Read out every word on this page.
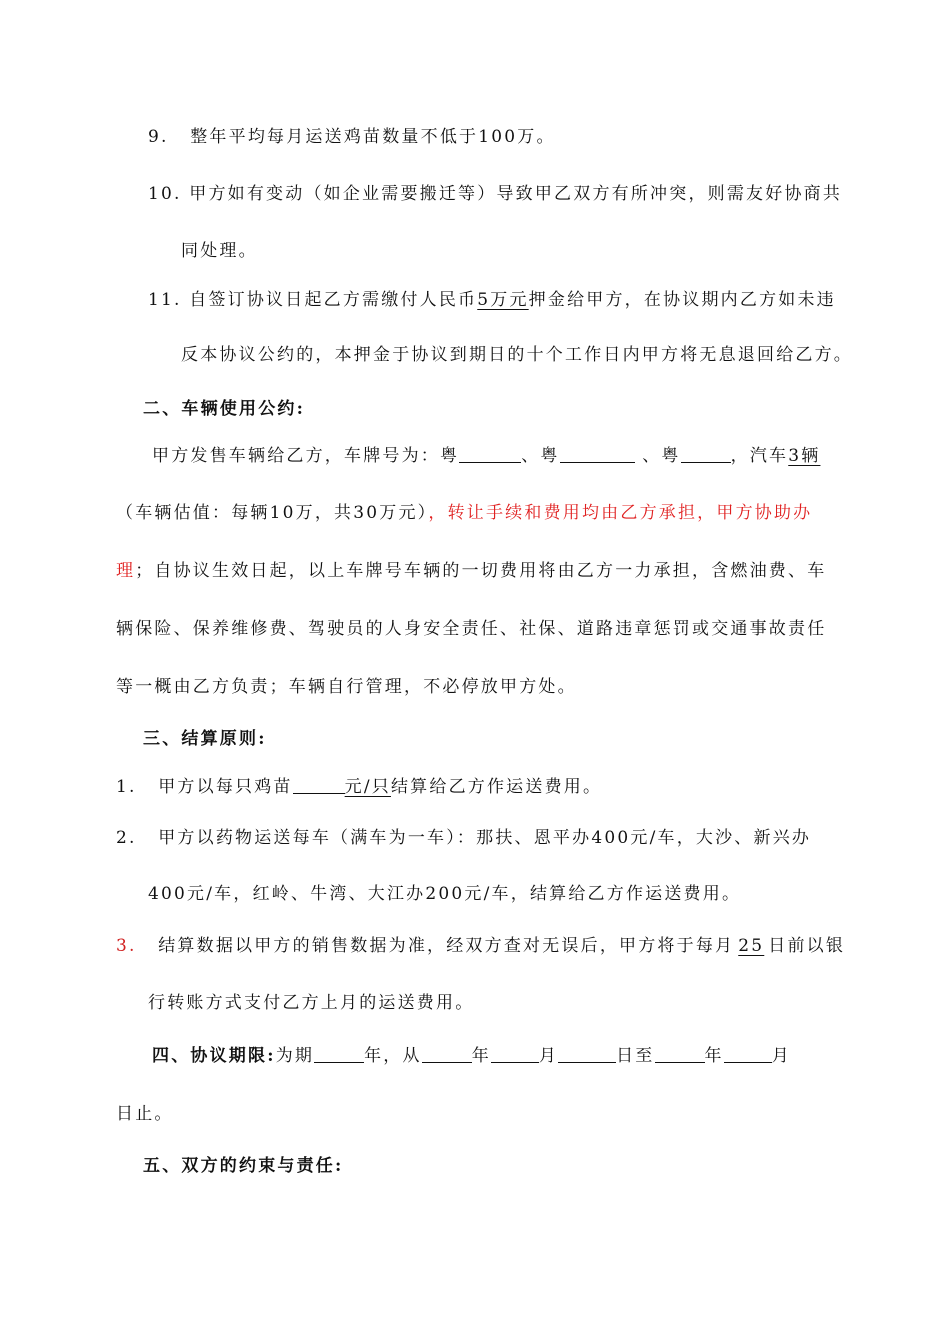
9. 整年平均每月运送鸡苗数量不低于100万。
10. 甲方如有变动（如企业需要搬迁等）导致甲乙双方有所冲突，则需友好协商共
同处理。
11. 自签订协议日起乙方需缴付人民币5万元押金给甲方，在协议期内乙方如未违
反本协议公约的，本押金于协议到期日的十个工作日内甲方将无息退回给乙方。
二、车辆使用公约:
甲方发售车辆给乙方，车牌号为：粤	、粤	、粤	，汽车3辆
（车辆估值：每辆10万，共30万元），转让手续和费用均由乙方承担，甲方协助办
理；自协议生效日起，以上车牌号车辆的一切费用将由乙方一力承担，含燃油费、车
辆保险、保养维修费、驾驶员的人身安全责任、社保、道路违章惩罚或交通事故责任
等一概由乙方负责；车辆自行管理，不必停放甲方处。
三、结算原则:
1. 甲方以每只鸡苗	元/只结算给乙方作运送费用。
2. 甲方以药物运送每车（满车为一车）：那扶、恩平办400元/车，大沙、新兴办
400元/车，红岭、牛湾、大江办200元/车，结算给乙方作运送费用。
3. 结算数据以甲方的销售数据为准，经双方查对无误后，甲方将于每月 25 日前以银
行转账方式支付乙方上月的运送费用。
四、协议期限:为期	年，从	年	月	日至	年	月
日止。
五、双方的约束与责任:
